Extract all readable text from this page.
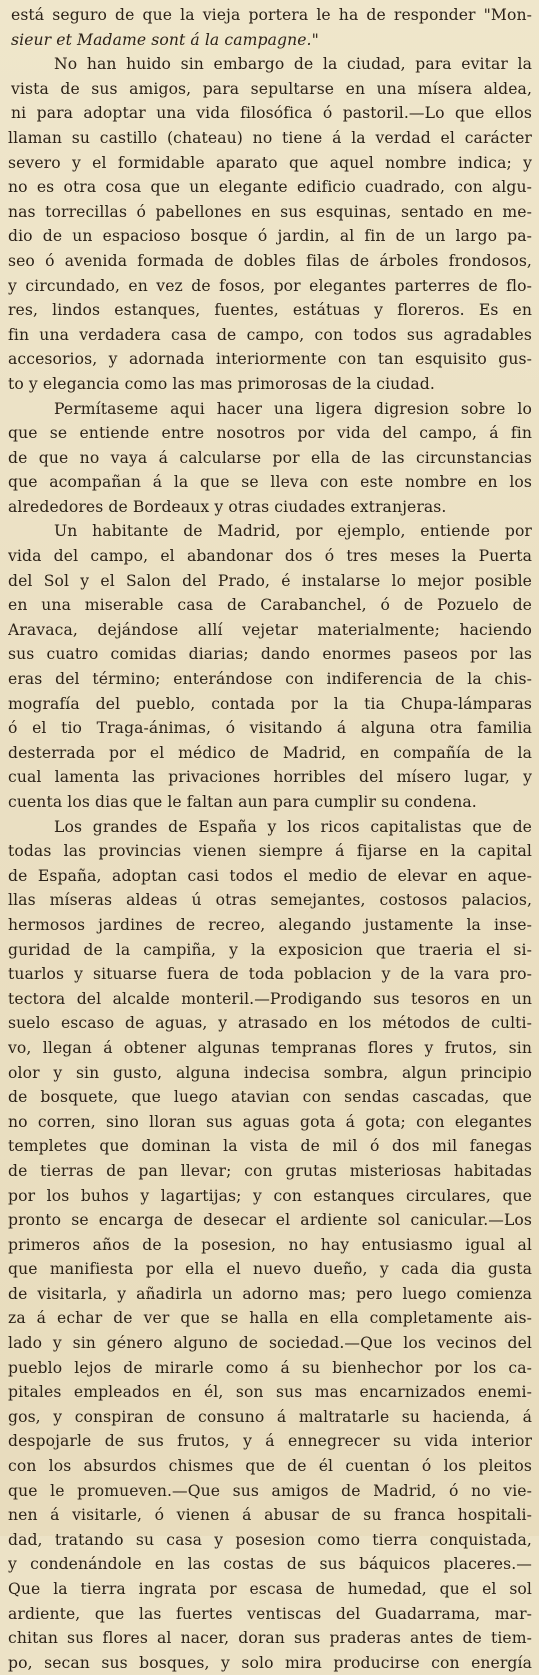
está seguro de que la vieja portera le ha de responder "Mon-
sieur et Madame sont á la campagne."
No han huido sin embargo de la ciudad, para evitar la
vista de sus amigos, para sepultarse en una mísera aldea,
ni para adoptar una vida filosófica ó pastoril.—Lo que ellos
llaman su castillo (chateau) no tiene á la verdad el carácter
severo y el formidable aparato que aquel nombre indica; y
no es otra cosa que un elegante edificio cuadrado, con algu-
nas torrecillas ó pabellones en sus esquinas, sentado en me-
dio de un espacioso bosque ó jardin, al fin de un largo pa-
seo ó avenida formada de dobles filas de árboles frondosos,
y circundado, en vez de fosos, por elegantes parterres de flo-
res, lindos estanques, fuentes, estátuas y floreros. Es en
fin una verdadera casa de campo, con todos sus agradables
accesorios, y adornada interiormente con tan esquisito gus-
to y elegancia como las mas primorosas de la ciudad.
Permítaseme aqui hacer una ligera digresion sobre lo
que se entiende entre nosotros por vida del campo, á fin
de que no vaya á calcularse por ella de las circunstancias
que acompañan á la que se lleva con este nombre en los
alrededores de Bordeaux y otras ciudades extranjeras.
Un habitante de Madrid, por ejemplo, entiende por
vida del campo, el abandonar dos ó tres meses la Puerta
del Sol y el Salon del Prado, é instalarse lo mejor posible
en una miserable casa de Carabanchel, ó de Pozuelo de
Aravaca, dejándose allí vejetar materialmente; haciendo
sus cuatro comidas diarias; dando enormes paseos por las
eras del término; enterándose con indiferencia de la chis-
mografía del pueblo, contada por la tia Chupa-lámparas
ó el tio Traga-ánimas, ó visitando á alguna otra familia
desterrada por el médico de Madrid, en compañía de la
cual lamenta las privaciones horribles del mísero lugar, y
cuenta los dias que le faltan aun para cumplir su condena.
Los grandes de España y los ricos capitalistas que de
todas las provincias vienen siempre á fijarse en la capital
de España, adoptan casi todos el medio de elevar en aque-
llas míseras aldeas ú otras semejantes, costosos palacios,
hermosos jardines de recreo, alegando justamente la inse-
guridad de la campiña, y la exposicion que traeria el si-
tuarlos y situarse fuera de toda poblacion y de la vara pro-
tectora del alcalde monteril.—Prodigando sus tesoros en un
suelo escaso de aguas, y atrasado en los métodos de culti-
vo, llegan á obtener algunas tempranas flores y frutos, sin
olor y sin gusto, alguna indecisa sombra, algun principio
de bosquete, que luego atavian con sendas cascadas, que
no corren, sino lloran sus aguas gota á gota; con elegantes
templetes que dominan la vista de mil ó dos mil fanegas
de tierras de pan llevar; con grutas misteriosas habitadas
por los buhos y lagartijas; y con estanques circulares, que
pronto se encarga de desecar el ardiente sol canicular.—Los
primeros años de la posesion, no hay entusiasmo igual al
que manifiesta por ella el nuevo dueño, y cada dia gusta
de visitarla, y añadirla un adorno mas; pero luego comienza
za á echar de ver que se halla en ella completamente ais-
lado y sin género alguno de sociedad.—Que los vecinos del
pueblo lejos de mirarle como á su bienhechor por los ca-
pitales empleados en él, son sus mas encarnizados enemi-
gos, y conspiran de consuno á maltratarle su hacienda, á
despojarle de sus frutos, y á ennegrecer su vida interior
con los absurdos chismes que de él cuentan ó los pleitos
que le promueven.—Que sus amigos de Madrid, ó no vie-
nen á visitarle, ó vienen á abusar de su franca hospitali-
dad, tratando su casa y posesion como tierra conquistada,
y condenándole en las costas de sus báquicos placeres.—
Que la tierra ingrata por escasa de humedad, que el sol
ardiente, que las fuertes ventiscas del Guadarrama, mar-
chitan sus flores al nacer, doran sus praderas antes de tiem-
po, secan sus bosques, y solo mira producirse con energía
